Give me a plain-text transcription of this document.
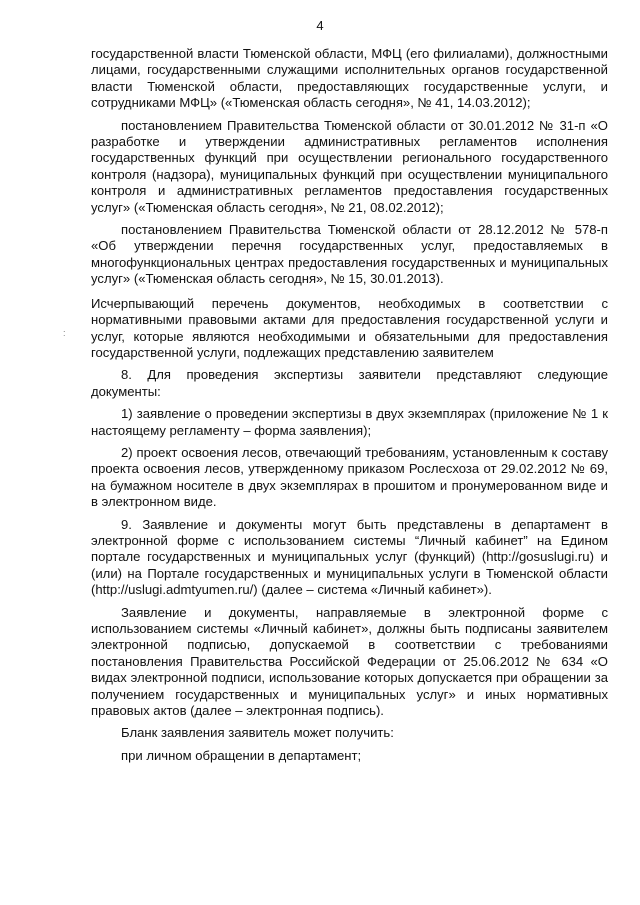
4
:

государственной власти Тюменской области, МФЦ (его филиалами), должностными лицами, государственными служащими исполнительных органов государственной власти Тюменской области, предоставляющих государственные услуги, и сотрудниками МФЦ» («Тюменская область сегодня», № 41, 14.03.2012);

постановлением Правительства Тюменской области от 30.01.2012 № 31-п «О разработке и утверждении административных регламентов исполнения государственных функций при осуществлении регионального государственного контроля (надзора), муниципальных функций при осуществлении муниципального контроля и административных регламентов предоставления государственных услуг» («Тюменская область сегодня», № 21, 08.02.2012);

постановлением Правительства Тюменской области от 28.12.2012 № 578-п «Об утверждении перечня государственных услуг, предоставляемых в многофункциональных центрах предоставления государственных и муниципальных услуг» («Тюменская область сегодня», № 15, 30.01.2013).

Исчерпывающий перечень документов, необходимых в соответствии с нормативными правовыми актами для предоставления государственной услуги и услуг, которые являются необходимыми и обязательными для предоставления государственной услуги, подлежащих представлению заявителем

8. Для проведения экспертизы заявители представляют следующие документы:

1) заявление о проведении экспертизы в двух экземплярах (приложение № 1 к настоящему регламенту – форма заявления);

2) проект освоения лесов, отвечающий требованиям, установленным к составу проекта освоения лесов, утвержденному приказом Рослесхоза от 29.02.2012 № 69, на бумажном носителе в двух экземплярах в прошитом и пронумерованном виде и в электронном виде.

9. Заявление и документы могут быть представлены в департамент в электронной форме с использованием системы “Личный кабинет” на Едином портале государственных и муниципальных услуг (функций) (http://gosuslugi.ru) и (или) на Портале государственных и муниципальных услуги в Тюменской области (http://uslugi.admtyumen.ru/) (далее – система «Личный кабинет»).

Заявление и документы, направляемые в электронной форме с использованием системы «Личный кабинет», должны быть подписаны заявителем электронной подписью, допускаемой в соответствии с требованиями постановления Правительства Российской Федерации от 25.06.2012 № 634 «О видах электронной подписи, использование которых допускается при обращении за получением государственных и муниципальных услуг» и иных нормативных правовых актов (далее – электронная подпись).

Бланк заявления заявитель может получить:

при личном обращении в департамент;
